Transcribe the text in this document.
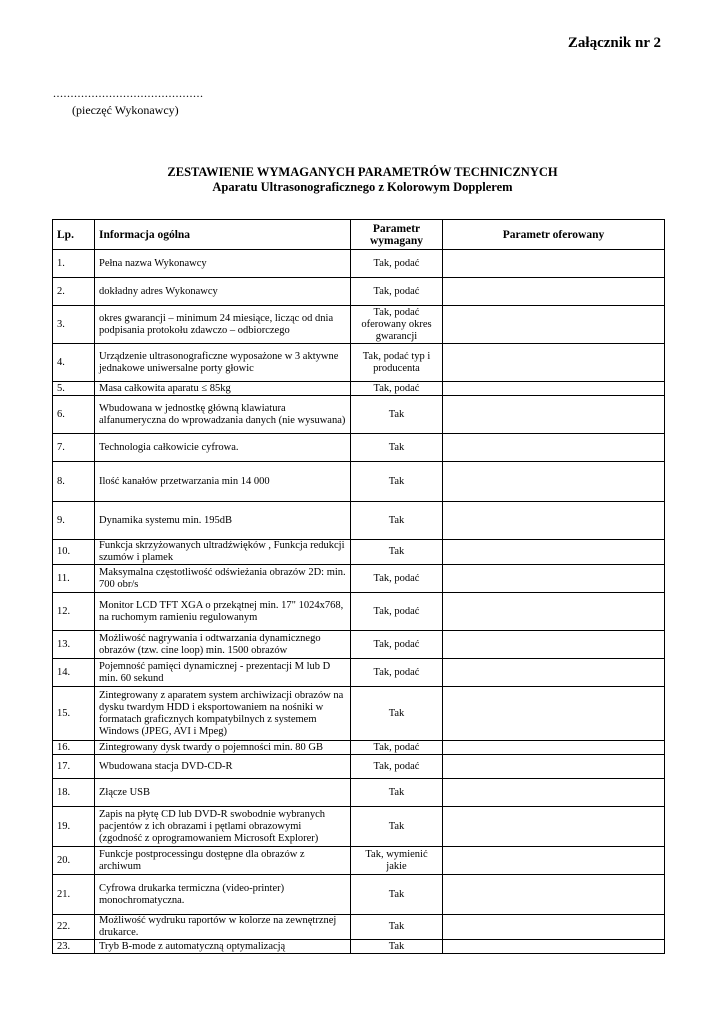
Załącznik nr 2
...........................................
(pieczęć Wykonawcy)
ZESTAWIENIE WYMAGANYCH PARAMETRÓW TECHNICZNYCH
Aparatu Ultrasonograficznego z Kolorowym Dopplerem
Lp.	Informacja ogólna	Parametr wymagany	Parametr oferowany
1.	Pełna nazwa Wykonawcy	Tak, podać	
2.	dokładny adres Wykonawcy	Tak, podać	
3.	okres gwarancji – minimum 24 miesiące, licząc od dnia podpisania protokołu zdawczo – odbiorczego	Tak, podać oferowany okres gwarancji	
4.	Urządzenie ultrasonograficzne wyposażone w 3 aktywne jednakowe uniwersalne porty głowic	Tak, podać typ i producenta	
5.	Masa całkowita aparatu ≤ 85kg	Tak, podać	
6.	Wbudowana w jednostkę główną klawiatura alfanumeryczna do wprowadzania danych (nie wysuwana)	Tak	
7.	Technologia całkowicie cyfrowa.	Tak	
8.	Ilość kanałów przetwarzania min 14 000	Tak	
9.	Dynamika systemu min. 195dB	Tak	
10.	Funkcja skrzyżowanych ultradźwięków , Funkcja redukcji szumów i plamek	Tak	
11.	Maksymalna częstotliwość odświeżania obrazów 2D: min. 700 obr/s	Tak, podać	
12.	Monitor LCD TFT XGA o przekątnej min. 17" 1024x768, na ruchomym ramieniu regulowanym	Tak, podać	
13.	Możliwość nagrywania i odtwarzania dynamicznego obrazów (tzw. cine loop) min. 1500 obrazów	Tak, podać	
14.	Pojemność pamięci dynamicznej - prezentacji M lub D min. 60 sekund	Tak, podać	
15.	Zintegrowany z aparatem system archiwizacji obrazów na dysku twardym HDD i eksportowaniem na nośniki w formatach graficznych kompatybilnych z systemem Windows (JPEG, AVI i Mpeg)	Tak	
16.	Zintegrowany dysk twardy o pojemności min. 80 GB	Tak, podać	
17.	Wbudowana stacja DVD-CD-R	Tak, podać	
18.	Złącze USB	Tak	
19.	Zapis na płytę CD lub DVD-R swobodnie wybranych pacjentów z ich obrazami i pętlami obrazowymi (zgodność z oprogramowaniem Microsoft Explorer)	Tak	
20.	Funkcje postprocessingu dostępne dla obrazów z archiwum	Tak, wymienić jakie	
21.	Cyfrowa drukarka termiczna (video-printer) monochromatyczna.	Tak	
22.	Możliwość wydruku raportów w kolorze na zewnętrznej drukarce.	Tak	
23.	Tryb B-mode z automatyczną optymalizacją	Tak	
